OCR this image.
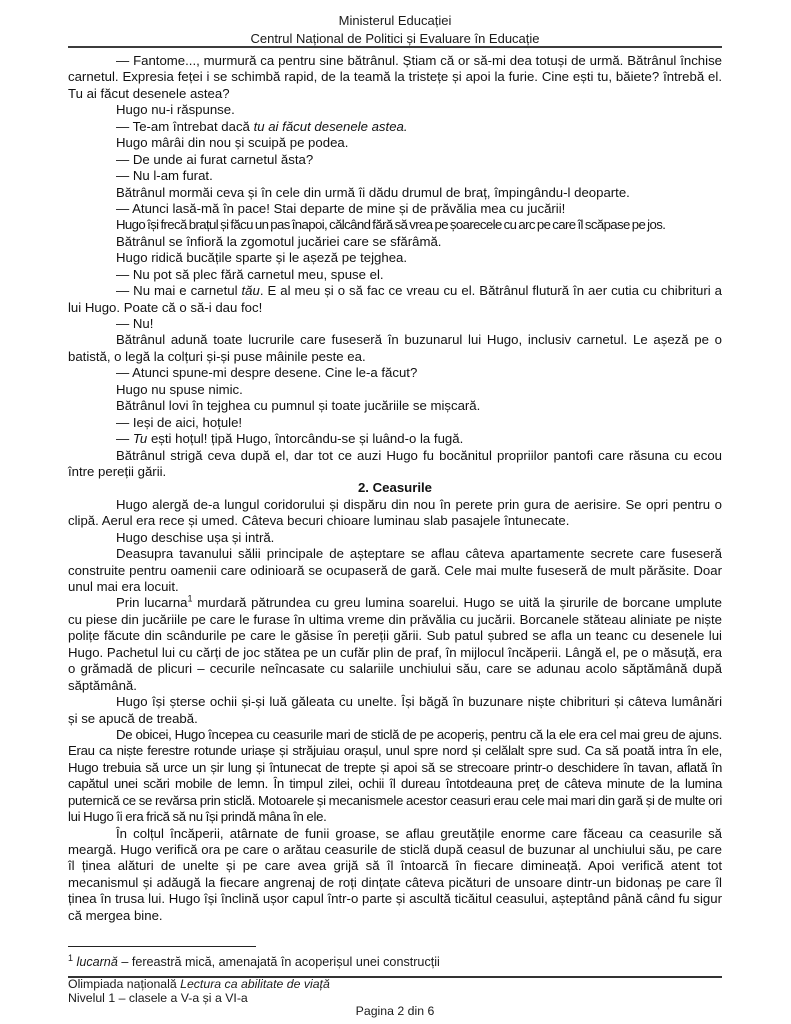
Ministerul Educației
Centrul Național de Politici și Evaluare în Educație

— Fantome..., murmură ca pentru sine bătrânul. Știam că or să-mi dea totuși de urmă. Bătrânul închise carnetul. Expresia feței i se schimbă rapid, de la teamă la tristețe și apoi la furie. Cine ești tu, băiete? întrebă el. Tu ai făcut desenele astea?

Hugo nu-i răspunse.

— Te-am întrebat dacă tu ai făcut desenele astea.

Hugo mârâi din nou și scuipă pe podea.

— De unde ai furat carnetul ăsta?

— Nu l-am furat.

Bătrânul mormăi ceva și în cele din urmă îi dădu drumul de braț, împingându-l deoparte.

— Atunci lasă-mă în pace! Stai departe de mine și de prăvălia mea cu jucării!

Hugo își frecă brațul și făcu un pas înapoi, călcând fără să vrea pe șoarecele cu arc pe care îl scăpase pe jos.

Bătrânul se înfioră la zgomotul jucăriei care se sfărâmă.

Hugo ridică bucățile sparte și le așeză pe tejghea.

— Nu pot să plec fără carnetul meu, spuse el.

— Nu mai e carnetul tău. E al meu și o să fac ce vreau cu el. Bătrânul flutură în aer cutia cu chibrituri a lui Hugo. Poate că o să-i dau foc!

— Nu!

Bătrânul adună toate lucrurile care fuseseră în buzunarul lui Hugo, inclusiv carnetul. Le așeză pe o batistă, o legă la colțuri și-și puse mâinile peste ea.

— Atunci spune-mi despre desene. Cine le-a făcut?

Hugo nu spuse nimic.

Bătrânul lovi în tejghea cu pumnul și toate jucăriile se mișcară.

— Ieși de aici, hoțule!

— Tu ești hoțul! țipă Hugo, întorcându-se și luând-o la fugă.

Bătrânul strigă ceva după el, dar tot ce auzi Hugo fu bocănitul propriilor pantofi care răsuna cu ecou între pereții gării.

2. Ceasurile

Hugo alergă de-a lungul coridorului și dispăru din nou în perete prin gura de aerisire. Se opri pentru o clipă. Aerul era rece și umed. Câteva becuri chioare luminau slab pasajele întunecate.

Hugo deschise ușa și intră.

Deasupra tavanului sălii principale de așteptare se aflau câteva apartamente secrete care fuseseră construite pentru oamenii care odinioară se ocupaseră de gară. Cele mai multe fuseseră de mult părăsite. Doar unul mai era locuit.

Prin lucarna$^1$ murdară pătrundea cu greu lumina soarelui. Hugo se uită la șirurile de borcane umplute cu piese din jucăriile pe care le furase în ultima vreme din prăvălia cu jucării. Borcanele stăteau aliniate pe niște polițe făcute din scândurile pe care le găsise în pereții gării. Sub patul șubred se afla un teanc cu desenele lui Hugo. Pachetul lui cu cărți de joc stătea pe un cufăr plin de praf, în mijlocul încăperii. Lângă el, pe o măsuță, era o grămadă de plicuri – cecurile neîncasate cu salariile unchiului său, care se adunau acolo săptămână după săptămână.

Hugo își șterse ochii și-și luă găleata cu unelte. Își băgă în buzunare niște chibrituri și câteva lumânări și se apucă de treabă.

De obicei, Hugo începea cu ceasurile mari de sticlă de pe acoperiș, pentru că la ele era cel mai greu de ajuns. Erau ca niște ferestre rotunde uriașe și străjuiau orașul, unul spre nord și celălalt spre sud. Ca să poată intra în ele, Hugo trebuia să urce un șir lung și întunecat de trepte și apoi să se strecoare printr-o deschidere în tavan, aflată în capătul unei scări mobile de lemn. În timpul zilei, ochii îl dureau întotdeauna preț de câteva minute de la lumina puternică ce se revărsa prin sticlă. Motoarele și mecanismele acestor ceasuri erau cele mai mari din gară și de multe ori lui Hugo îi era frică să nu își prindă mâna în ele.

În colțul încăperii, atârnate de funii groase, se aflau greutățile enorme care făceau ca ceasurile să meargă. Hugo verifică ora pe care o arătau ceasurile de sticlă după ceasul de buzunar al unchiului său, pe care îl ținea alături de unelte și pe care avea grijă să îl întoarcă în fiecare dimineață. Apoi verifică atent tot mecanismul și adăugă la fiecare angrenaj de roți dințate câteva picături de unsoare dintr-un bidonaș pe care îl ținea în trusa lui. Hugo își înclină ușor capul într-o parte și ascultă ticăitul ceasului, așteptând până când fu sigur că mergea bine.

$^1$ lucarnă – fereastră mică, amenajată în acoperișul unei construcții
Olimpiada națională Lectura ca abilitate de viață
Nivelul 1 – clasele a V-a și a VI-a
Pagina 2 din 6
